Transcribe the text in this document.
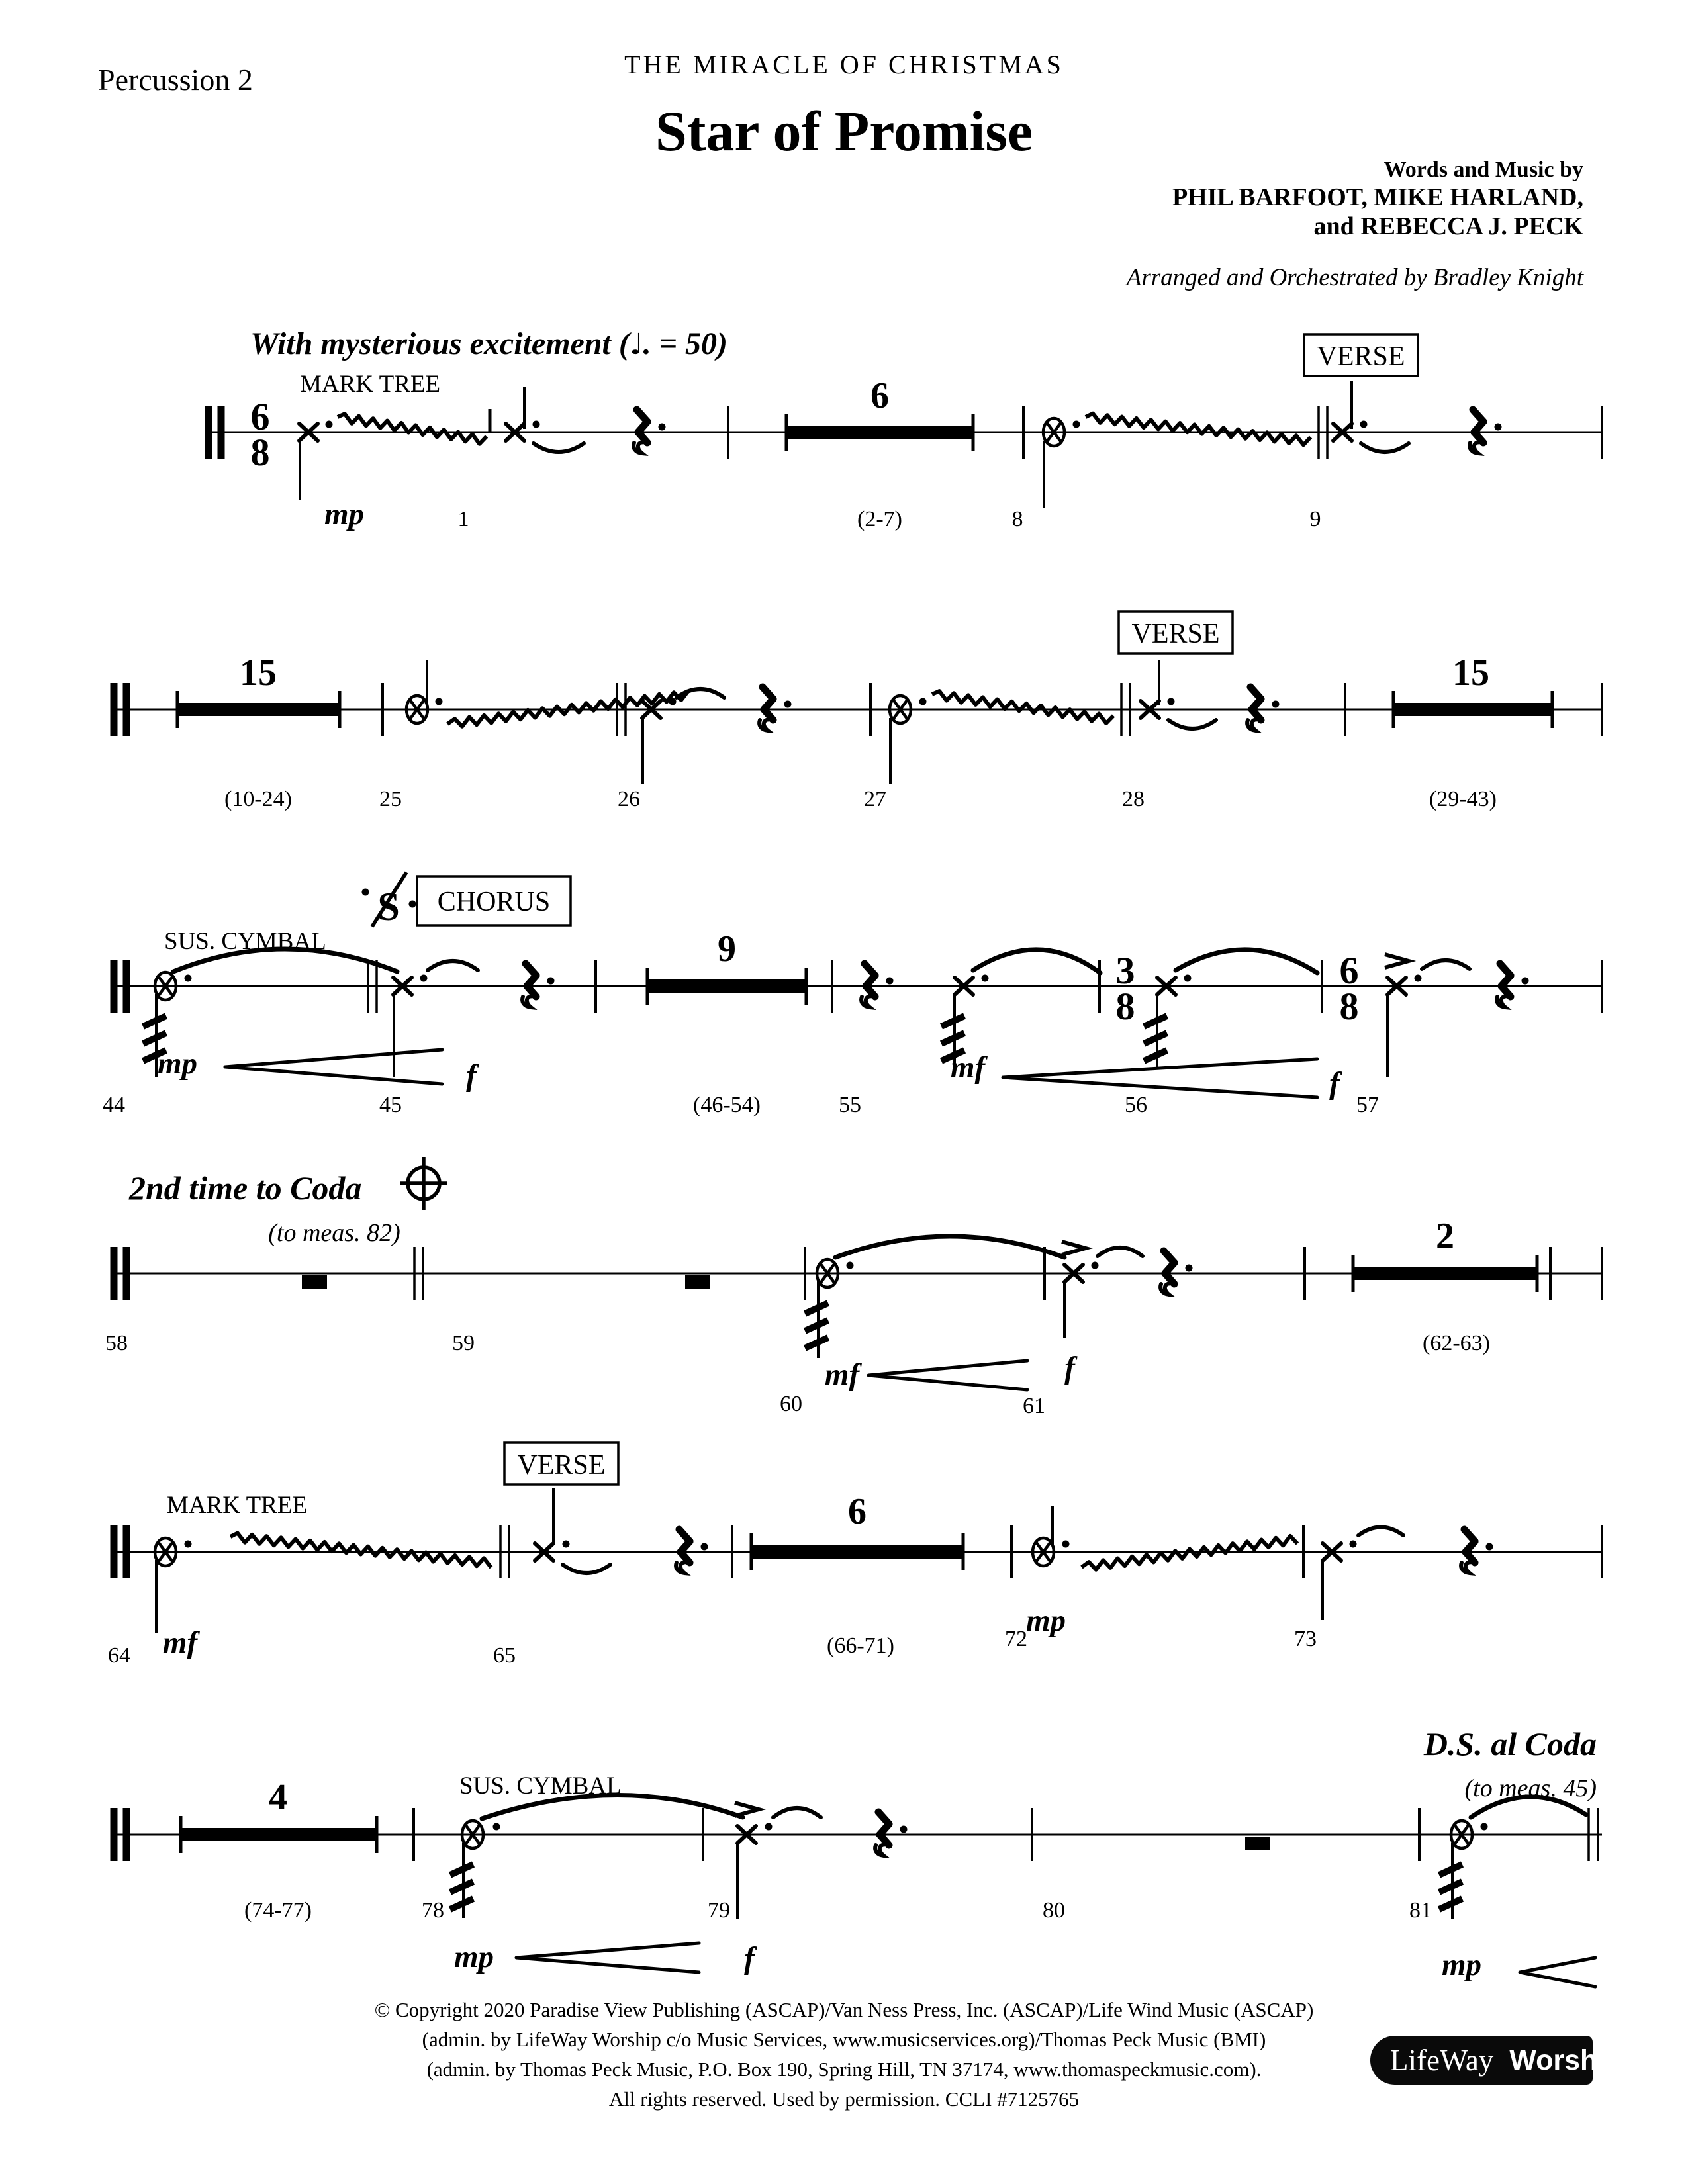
Percussion 2	THE MIRACLE OF CHRISTMAS
Star of Promise
Words and Music by
PHIL BARFOOT, MIKE HARLAND,
and REBECCA J. PECK
Arranged and Orchestrated by Bradley Knight
With mysterious excitement (♩. = 50)
6
8
MARK TREE
mp	1
6
(2-7)	8
VERSE
9
15
(10-24)	25	26	27
VERSE
28
15
(29-43)
44
SUS. CYMBAL
mp	f
S CHORUS
45
9
(46-54)	55
mf
3
8
56
6
8
f
57
2nd time to Coda
(to meas. 82)
58	59
60
mf
61
f
2
(62-63)
MARK TREE
64 mf
VERSE
65
6
(66-71)	72
mp
73
4
(74-77)
SUS. CYMBAL
78
mp
79
f
80
D.S. al Coda
(to meas. 45)
81
mp
© Copyright 2020 Paradise View Publishing (ASCAP)/Van Ness Press, Inc. (ASCAP)/Life Wind Music (ASCAP)
(admin. by LifeWay Worship c/o Music Services, www.musicservices.org)/Thomas Peck Music (BMI)
(admin. by Thomas Peck Music, P.O. Box 190, Spring Hill, TN 37174, www.thomaspeckmusic.com).
All rights reserved. Used by permission. CCLI #7125765
LifeWay Worship
